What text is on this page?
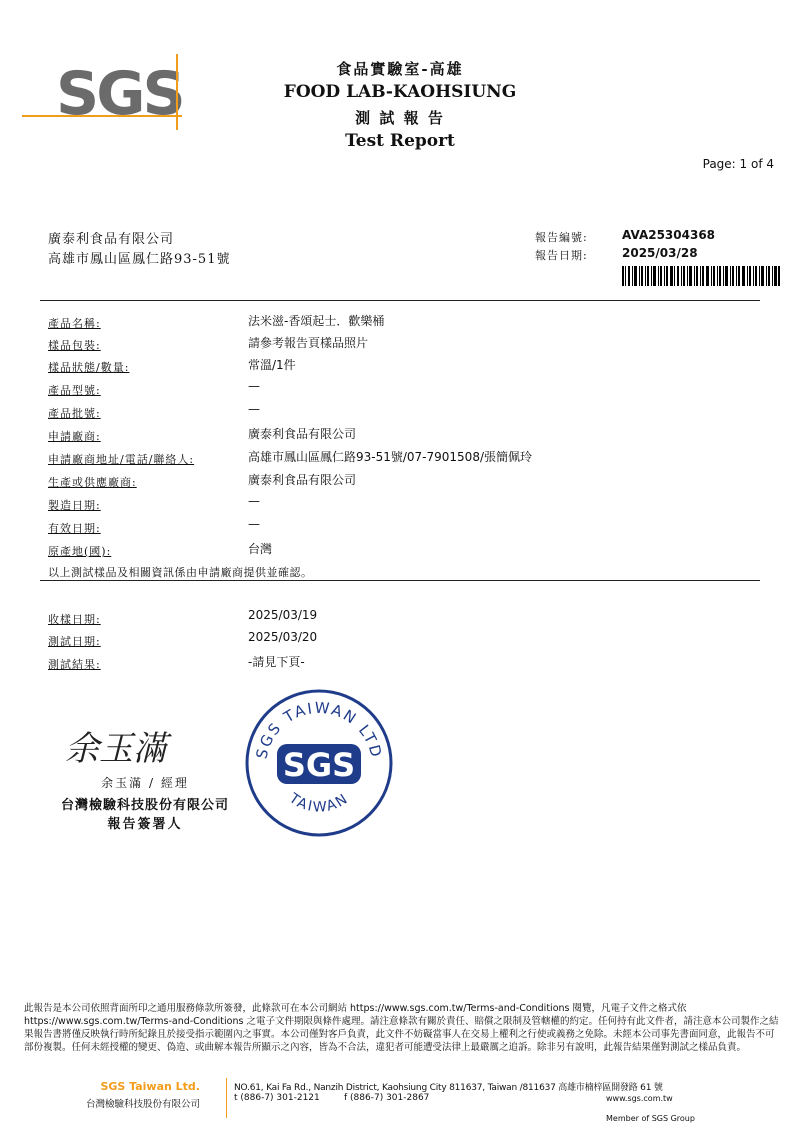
SGS	食品實驗室-高雄
FOOD LAB-KAOHSIUNG
測 試 報 告
Test Report
Page: 1 of 4
廣泰利食品有限公司
高雄市鳳山區鳳仁路93-51號
報告編號:	AVA25304368
報告日期:	2025/03/28
產品名稱:	法米滋-香頌起士．歡樂桶
樣品包裝:	請參考報告頁樣品照片
樣品狀態/數量:	常溫/1件
產品型號:	—
產品批號:	—
申請廠商:	廣泰利食品有限公司
申請廠商地址/電話/聯絡人:	高雄市鳳山區鳳仁路93-51號/07-7901508/張簡佩玲
生產或供應廠商:	廣泰利食品有限公司
製造日期:	—
有效日期:	—
原產地(國):	台灣
以上測試樣品及相關資訊係由申請廠商提供並確認。
收樣日期:	2025/03/19
測試日期:	2025/03/20
測試結果:	-請見下頁-
余玉滿
余玉滿 / 經理
台灣檢驗科技股份有限公司
報告簽署人
SGS TAIWAN LTD
SGS
TAIWAN
此報告是本公司依照背面所印之通用服務條款所簽發，此條款可在本公司網站 https://www.sgs.com.tw/Terms-and-Conditions 閱覽，凡電子文件之格式依 https://www.sgs.com.tw/Terms-and-Conditions 之電子文件期限與條件處理。請注意條款有關於責任、賠償之限制及管轄權的約定。任何持有此文件者，請注意本公司製作之結果報告書將僅反映執行時所紀錄且於接受指示範圍內之事實。本公司僅對客戶負責，此文件不妨礙當事人在交易上權利之行使或義務之免除。未經本公司事先書面同意，此報告不可部份複製。任何未經授權的變更、偽造、或曲解本報告所顯示之內容，皆為不合法，違犯者可能遭受法律上最嚴厲之追訴。除非另有說明，此報告結果僅對測試之樣品負責。
SGS Taiwan Ltd.
台灣檢驗科技股份有限公司
NO.61, Kai Fa Rd., Nanzih District, Kaohsiung City 811637, Taiwan /811637 高雄市楠梓區開發路 61 號
t (886-7) 301-2121	f (886-7) 301-2867	www.sgs.com.tw
Member of SGS Group
